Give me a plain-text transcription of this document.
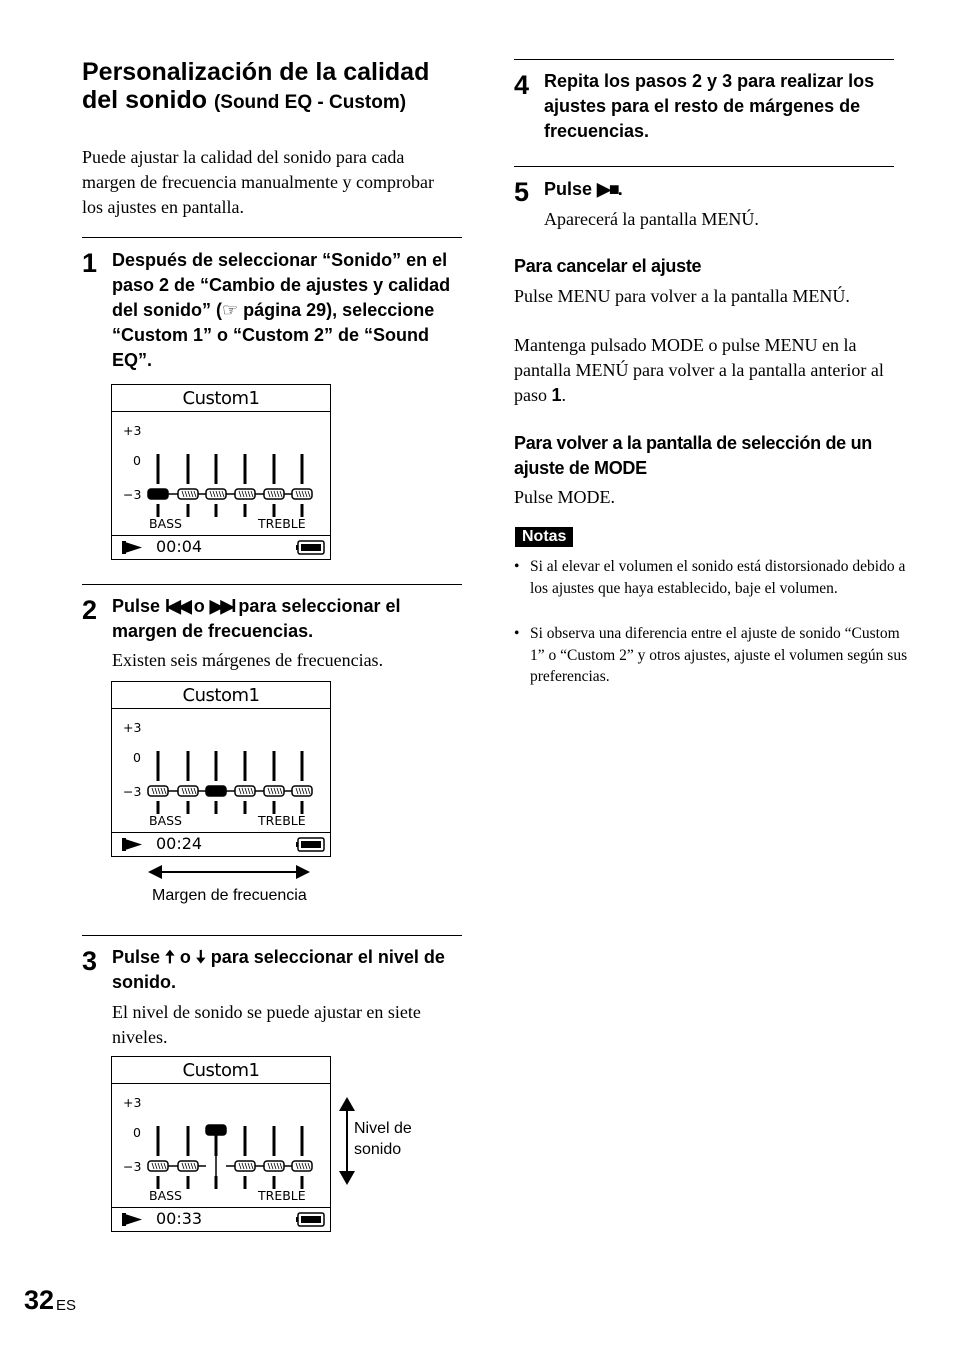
Personalización de la calidad del sonido (Sound EQ - Custom)
Puede ajustar la calidad del sonido para cada margen de frecuencia manualmente y comprobar los ajustes en pantalla.
1 Después de seleccionar “Sonido” en el paso 2 de “Cambio de ajustes y calidad del sonido” (☞ página 29), seleccione “Custom 1” o “Custom 2” de “Sound EQ”.
Custom1
+3
0
−3
BASS	TREBLE
00:04
2 Pulse I◀◀ o ▶▶I para seleccionar el margen de frecuencias.
Existen seis márgenes de frecuencias.
Custom1
+3
0
−3
BASS	TREBLE
00:24
Margen de frecuencia
3 Pulse 🠅 o 🠇 para seleccionar el nivel de sonido.
El nivel de sonido se puede ajustar en siete niveles.
Custom1
+3
0
−3
BASS	TREBLE
00:33
Nivel de sonido
4 Repita los pasos 2 y 3 para realizar los ajustes para el resto de márgenes de frecuencias.
5 Pulse ▶■.
Aparecerá la pantalla MENÚ.
Para cancelar el ajuste
Pulse MENU para volver a la pantalla MENÚ.
Mantenga pulsado MODE o pulse MENU en la pantalla MENÚ para volver a la pantalla anterior al paso 1.
Para volver a la pantalla de selección de un ajuste de MODE
Pulse MODE.
Notas
• Si al elevar el volumen el sonido está distorsionado debido a los ajustes que haya establecido, baje el volumen.
• Si observa una diferencia entre el ajuste de sonido “Custom 1” o “Custom 2” y otros ajustes, ajuste el volumen según sus preferencias.
32 ES
